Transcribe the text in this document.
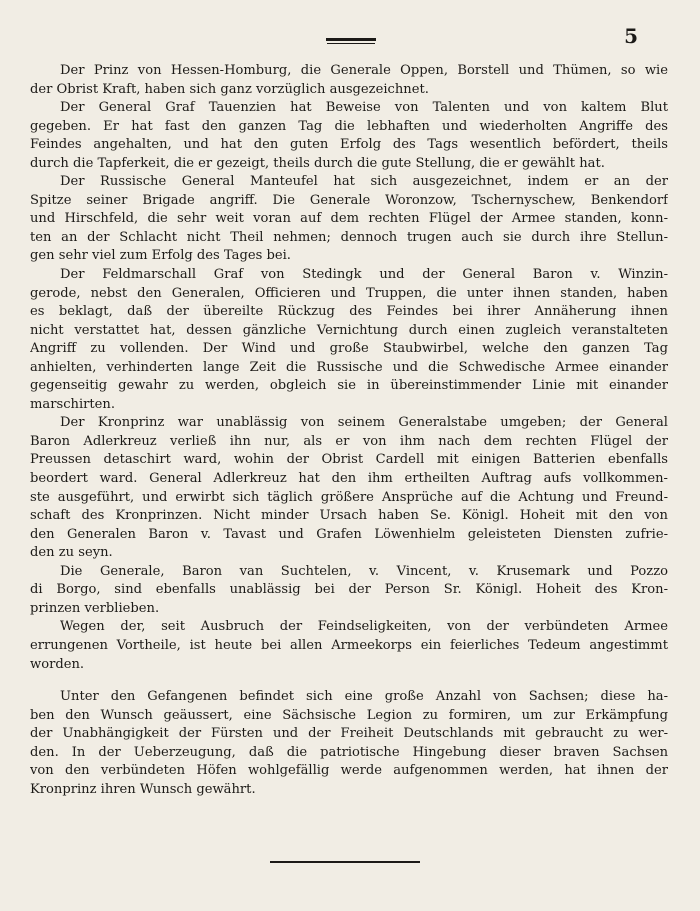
5

Der Prinz von Hessen-Homburg, die Generale Oppen, Borstell und Thümen, so wie
der Obrist Kraft, haben sich ganz vorzüglich ausgezeichnet.

Der General Graf Tauenzien hat Beweise von Talenten und von kaltem Blut
gegeben. Er hat fast den ganzen Tag die lebhaften und wiederholten Angriffe des
Feindes angehalten, und hat den guten Erfolg des Tags wesentlich befördert, theils
durch die Tapferkeit, die er gezeigt, theils durch die gute Stellung, die er gewählt hat.

Der Russische General Manteufel hat sich ausgezeichnet, indem er an der
Spitze seiner Brigade angriff. Die Generale Woronzow, Tschernyschew, Benkendorf
und Hirschfeld, die sehr weit voran auf dem rechten Flügel der Armee standen, konn-
ten an der Schlacht nicht Theil nehmen; dennoch trugen auch sie durch ihre Stellun-
gen sehr viel zum Erfolg des Tages bei.

Der Feldmarschall Graf von Stedingk und der General Baron v. Winzin-
gerode, nebst den Generalen, Officieren und Truppen, die unter ihnen standen, haben
es beklagt, daß der übereilte Rückzug des Feindes bei ihrer Annäherung ihnen
nicht verstattet hat, dessen gänzliche Vernichtung durch einen zugleich veranstalteten
Angriff zu vollenden. Der Wind und große Staubwirbel, welche den ganzen Tag
anhielten, verhinderten lange Zeit die Russische und die Schwedische Armee einander
gegenseitig gewahr zu werden, obgleich sie in übereinstimmender Linie mit einander
marschirten.

Der Kronprinz war unablässig von seinem Generalstabe umgeben; der General
Baron Adlerkreuz verließ ihn nur, als er von ihm nach dem rechten Flügel der
Preussen detaschirt ward, wohin der Obrist Cardell mit einigen Batterien ebenfalls
beordert ward. General Adlerkreuz hat den ihm ertheilten Auftrag aufs vollkommen-
ste ausgeführt, und erwirbt sich täglich größere Ansprüche auf die Achtung und Freund-
schaft des Kronprinzen. Nicht minder Ursach haben Se. Königl. Hoheit mit den von
den Generalen Baron v. Tavast und Grafen Löwenhielm geleisteten Diensten zufrie-
den zu seyn.

Die Generale, Baron van Suchtelen, v. Vincent, v. Krusemark und Pozzo
di Borgo, sind ebenfalls unablässig bei der Person Sr. Königl. Hoheit des Kron-
prinzen verblieben.

Wegen der, seit Ausbruch der Feindseligkeiten, von der verbündeten Armee
errungenen Vortheile, ist heute bei allen Armeekorps ein feierliches Tedeum angestimmt
worden.

Unter den Gefangenen befindet sich eine große Anzahl von Sachsen; diese ha-
ben den Wunsch geäussert, eine Sächsische Legion zu formiren, um zur Erkämpfung
der Unabhängigkeit der Fürsten und der Freiheit Deutschlands mit gebraucht zu wer-
den. In der Ueberzeugung, daß die patriotische Hingebung dieser braven Sachsen
von den verbündeten Höfen wohlgefällig werde aufgenommen werden, hat ihnen der
Kronprinz ihren Wunsch gewährt.
